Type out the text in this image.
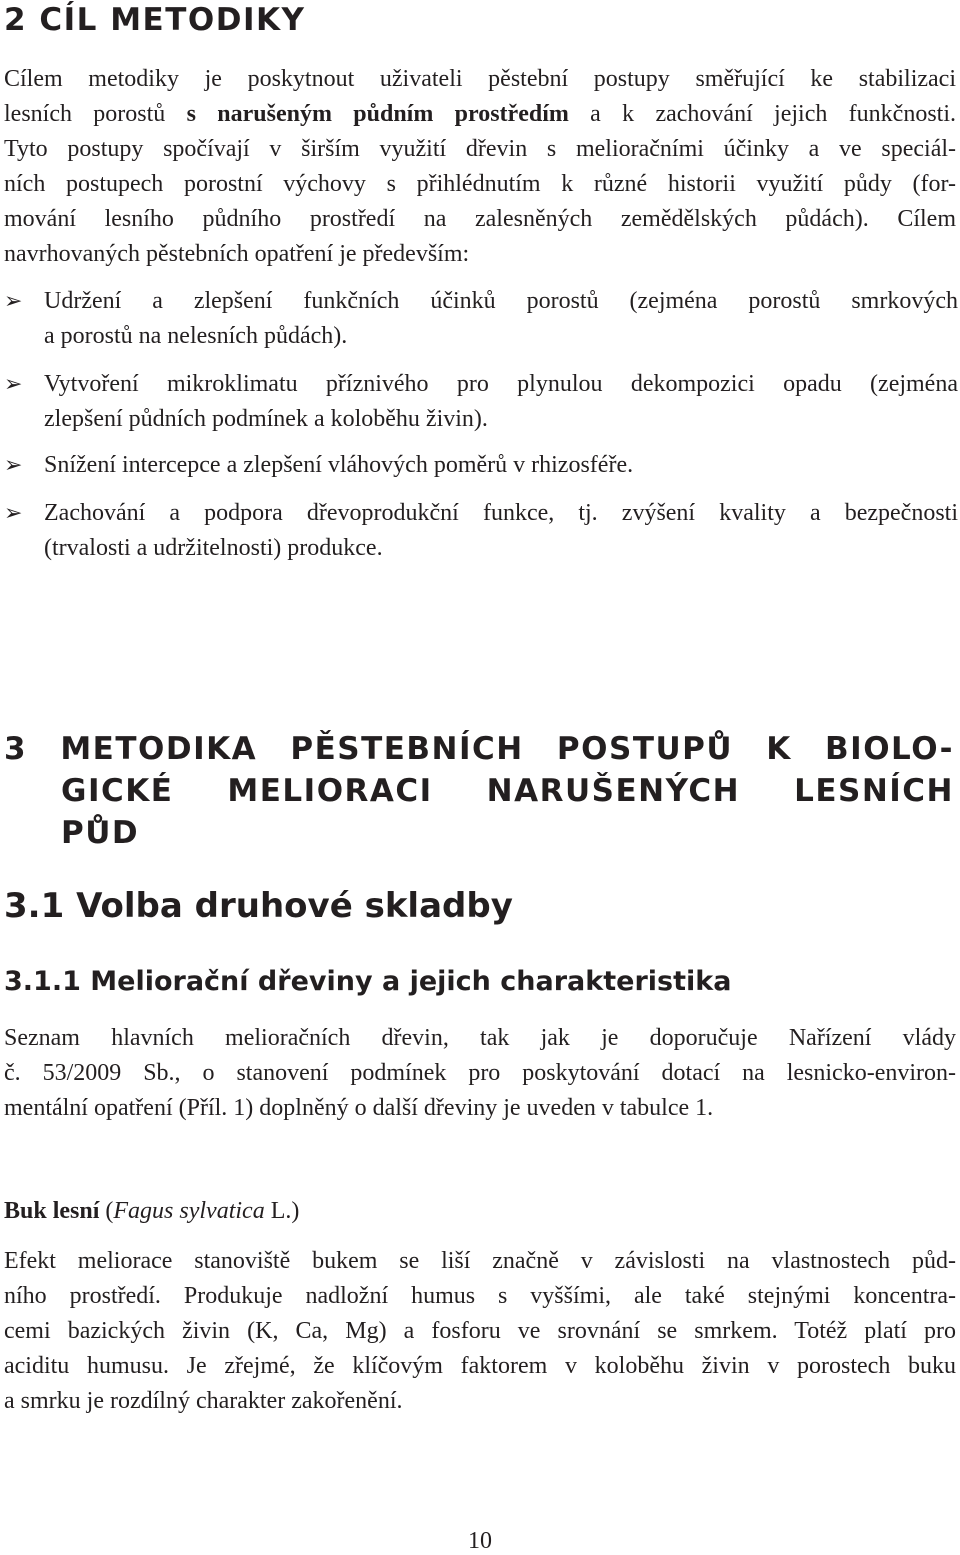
2 CÍL METODIKY

Cílem metodiky je poskytnout uživateli pěstební postupy směřující ke stabilizaci
lesních porostů s narušeným půdním prostředím a k zachování jejich funkčnosti.
Tyto postupy spočívají v širším využití dřevin s melioračními účinky a ve speciál-
ních postupech porostní výchovy s přihlédnutím k různé historii využití půdy (for-
mování lesního půdního prostředí na zalesněných zemědělských půdách). Cílem
navrhovaných pěstebních opatření je především:

➢ Udržení a zlepšení funkčních účinků porostů (zejména porostů smrkových
a porostů na nelesních půdách).
➢ Vytvoření mikroklimatu příznivého pro plynulou dekompozici opadu (zejména
zlepšení půdních podmínek a koloběhu živin).
➢ Snížení intercepce a zlepšení vláhových poměrů v rhizosféře.
➢ Zachování a podpora dřevoprodukční funkce, tj. zvýšení kvality a bezpečnosti
(trvalosti a udržitelnosti) produkce.
3 METODIKA PĚSTEBNÍCH POSTUPŮ K BIOLO-
GICKÉ MELIORACI NARUŠENÝCH LESNÍCH
PŮD
3.1 Volba druhové skladby
3.1.1 Meliorační dřeviny a jejich charakteristika

Seznam hlavních melioračních dřevin, tak jak je doporučuje Nařízení vlády
č. 53/2009 Sb., o stanovení podmínek pro poskytování dotací na lesnicko-environ-
mentální opatření (Příl. 1) doplněný o další dřeviny je uveden v tabulce 1.

Buk lesní (Fagus sylvatica L.)

Efekt meliorace stanoviště bukem se liší značně v závislosti na vlastnostech půd-
ního prostředí. Produkuje nadložní humus s vyššími, ale také stejnými koncentra-
cemi bazických živin (K, Ca, Mg) a fosforu ve srovnání se smrkem. Totéž platí pro
aciditu humusu. Je zřejmé, že klíčovým faktorem v koloběhu živin v porostech buku
a smrku je rozdílný charakter zakořenění.

10
